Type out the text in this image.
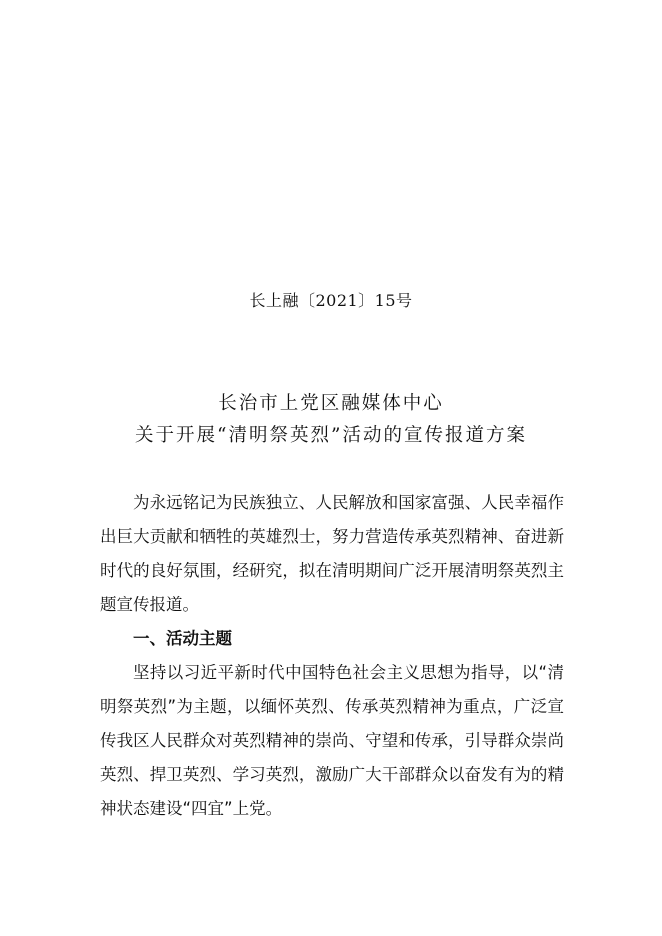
长上融〔2021〕15号
长治市上党区融媒体中心
关于开展“清明祭英烈”活动的宣传报道方案

为永远铭记为民族独立、人民解放和国家富强、人民幸福作出巨大贡献和牺牲的英雄烈士，努力营造传承英烈精神、奋进新时代的良好氛围，经研究，拟在清明期间广泛开展清明祭英烈主题宣传报道。

一、活动主题

坚持以习近平新时代中国特色社会主义思想为指导，以“清明祭英烈”为主题，以缅怀英烈、传承英烈精神为重点，广泛宣传我区人民群众对英烈精神的崇尚、守望和传承，引导群众崇尚英烈、捍卫英烈、学习英烈，激励广大干部群众以奋发有为的精神状态建设“四宜”上党。
